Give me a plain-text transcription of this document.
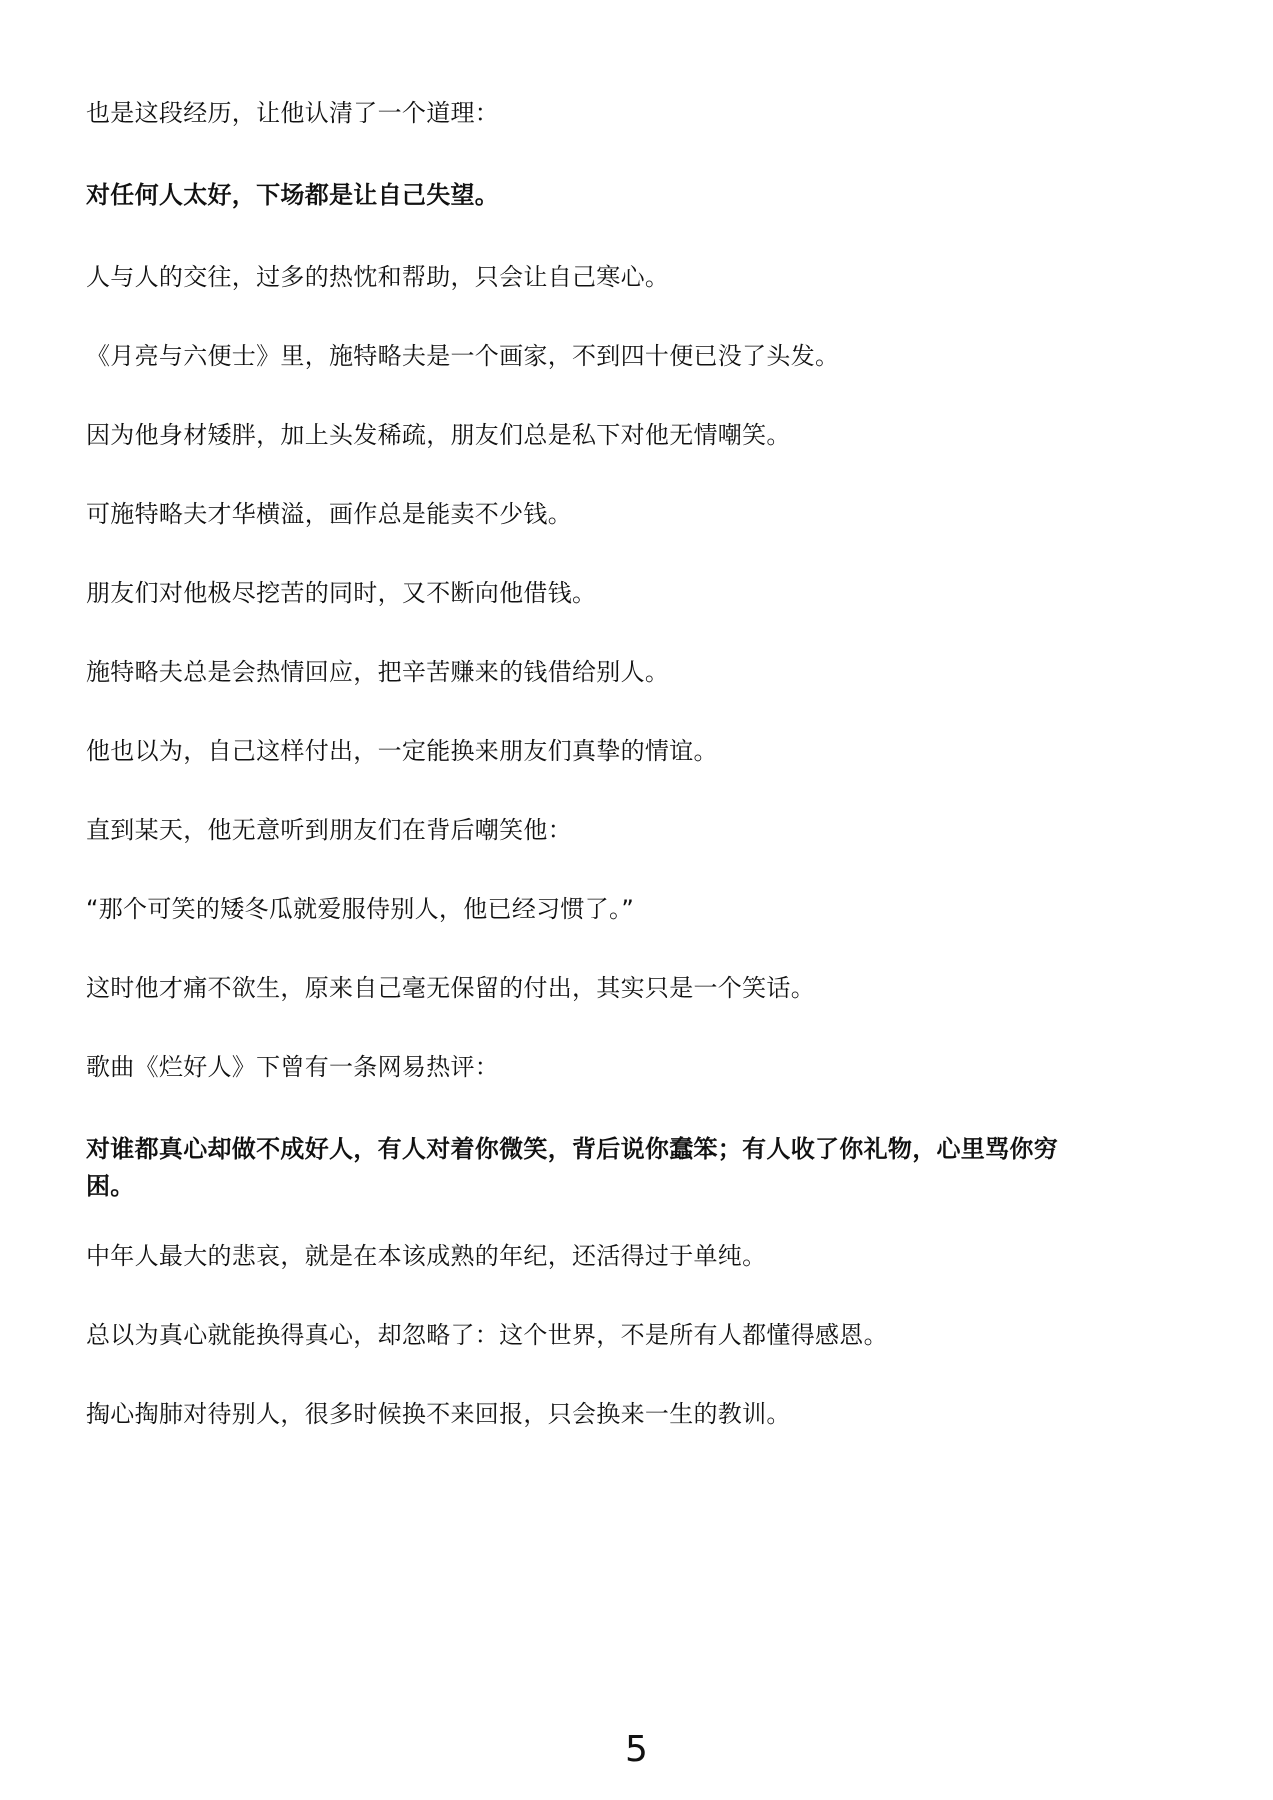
也是这段经历，让他认清了一个道理：

对任何人太好，下场都是让自己失望。

人与人的交往，过多的热忱和帮助，只会让自己寒心。

《月亮与六便士》里，施特略夫是一个画家，不到四十便已没了头发。

因为他身材矮胖，加上头发稀疏，朋友们总是私下对他无情嘲笑。

可施特略夫才华横溢，画作总是能卖不少钱。

朋友们对他极尽挖苦的同时，又不断向他借钱。

施特略夫总是会热情回应，把辛苦赚来的钱借给别人。

他也以为，自己这样付出，一定能换来朋友们真挚的情谊。

直到某天，他无意听到朋友们在背后嘲笑他：

“那个可笑的矮冬瓜就爱服侍别人，他已经习惯了。”

这时他才痛不欲生，原来自己毫无保留的付出，其实只是一个笑话。

歌曲《烂好人》下曾有一条网易热评：

对谁都真心却做不成好人，有人对着你微笑，背后说你蠢笨；有人收了你礼物，心里骂你穷
困。

中年人最大的悲哀，就是在本该成熟的年纪，还活得过于单纯。

总以为真心就能换得真心，却忽略了：这个世界，不是所有人都懂得感恩。

掏心掏肺对待别人，很多时候换不来回报，只会换来一生的教训。

5
